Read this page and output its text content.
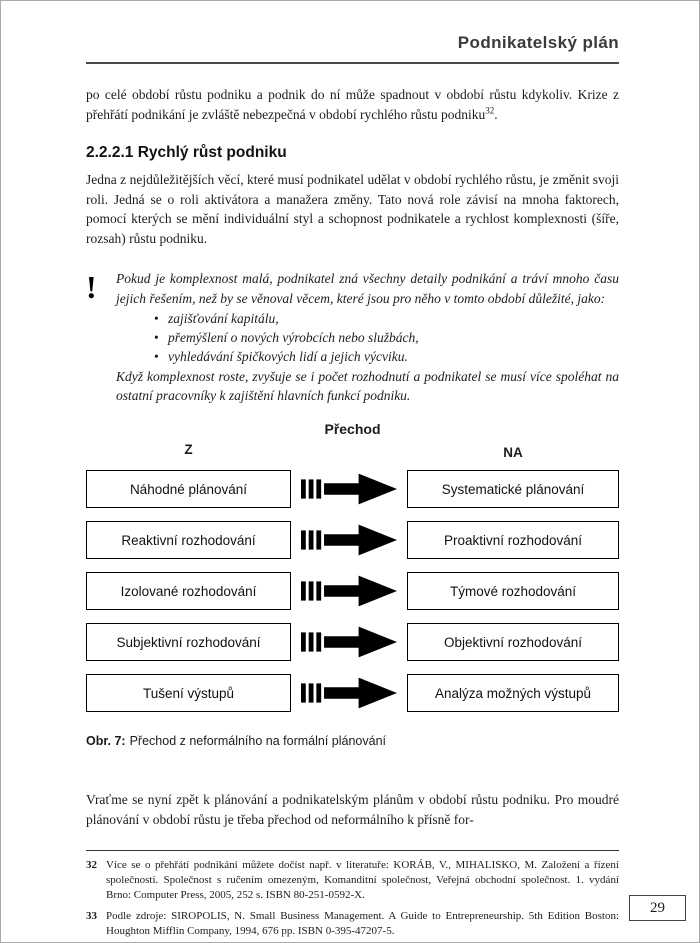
Podnikatelský plán

po celé období růstu podniku a podnik do ní může spadnout v období růstu kdykoliv. Krize z přehřátí podnikání je zvláště nebezpečná v období rychlého růstu podniku$^{32}$.

2.2.2.1 Rychlý růst podniku

Jedna z nejdůležitějších věcí, které musí podnikatel udělat v období rychlého růstu, je změnit svoji roli. Jedná se o roli aktivátora a manažera změny. Tato nová role závisí na mnoha faktorech, pomocí kterých se mění individuální styl a schopnost podnikatele a rychlost komplexnosti (šíře, rozsah) růstu podniku.

!	Pokud je komplexnost malá, podnikatel zná všechny detaily podnikání a tráví mnoho času jejich řešením, než by se věnoval věcem, které jsou pro něho v tomto období důležité, jako:

• zajišťování kapitálu,
• přemýšlení o nových výrobcích nebo službách,
• vyhledávání špičkových lidí a jejich výcviku.

Když komplexnost roste, zvyšuje se i počet rozhodnutí a podnikatel se musí více spoléhat na ostatní pracovníky k zajištění hlavních funkcí podniku.

Přechod
Z	NA
Náhodné plánování	Systematické plánování
Reaktivní rozhodování	Proaktivní rozhodování
Izolované rozhodování	Týmové rozhodování
Subjektivní rozhodování	Objektivní rozhodování
Tušení výstupů	Analýza možných výstupů

Obr. 7: Přechod z neformálního na formální plánování

Vraťme se nyní zpět k plánování a podnikatelským plánům v období růstu podniku. Pro moudré plánování v období růstu je třeba přechod od neformálního k přísně for-

32 Více se o přehřátí podnikání můžete dočíst např. v literatuře: KORÁB, V., MIHALISKO, M. Založení a řízení společností. Společnost s ručením omezeným, Komanditní společnost, Veřejná obchodní společnost. 1. vydání Brno: Computer Press, 2005, 252 s. ISBN 80-251-0592-X.
33 Podle zdroje: SIROPOLIS, N. Small Business Management. A Guide to Entrepreneurship. 5th Edition Boston: Houghton Mifflin Company, 1994, 676 pp. ISBN 0-395-47207-5.
29
